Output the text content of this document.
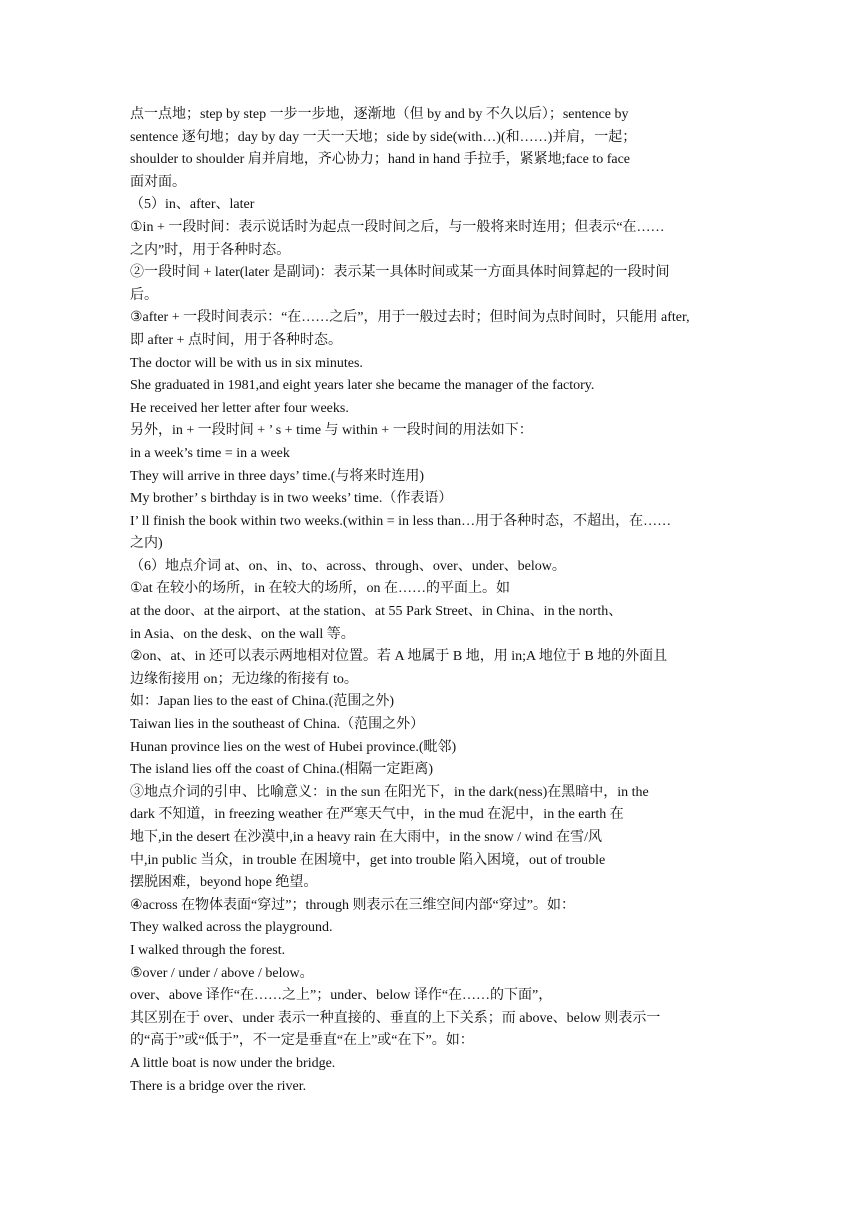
点一点地；step by step 一步一步地，逐渐地（但 by and by 不久以后）；sentence by
sentence 逐句地；day by day 一天一天地；side by side(with…)(和……)并肩，一起；
shoulder to shoulder 肩并肩地，齐心协力；hand in hand 手拉手，紧紧地;face to face
面对面。
（5）in、after、later
①in + 一段时间：表示说话时为起点一段时间之后，与一般将来时连用；但表示“在……
之内”时，用于各种时态。
②一段时间 + later(later 是副词)：表示某一具体时间或某一方面具体时间算起的一段时间
后。
③after + 一段时间表示：“在……之后”，用于一般过去时；但时间为点时间时，只能用 after,
即 after + 点时间，用于各种时态。
The doctor will be with us in six minutes.
She graduated in 1981,and eight years later she became the manager of the factory.
He received her letter after four weeks.
另外，in + 一段时间 + ’ s + time 与 within + 一段时间的用法如下：
in a week’s time = in a week
They will arrive in three days’ time.(与将来时连用)
My brother’ s birthday is in two weeks’ time.（作表语）
I’ ll finish the book within two weeks.(within = in less than…用于各种时态，不超出，在……
之内)
（6）地点介词 at、on、in、to、across、through、over、under、below。
①at 在较小的场所，in 在较大的场所，on 在……的平面上。如
at the door、at the airport、at the station、at 55 Park Street、in China、in the north、
in Asia、on the desk、on the wall 等。
②on、at、in 还可以表示两地相对位置。若 A 地属于 B 地，用 in;A 地位于 B 地的外面且
边缘衔接用 on；无边缘的衔接有 to。
如：Japan lies to the east of China.(范围之外)
Taiwan lies in the southeast of China.（范围之外）
Hunan province lies on the west of Hubei province.(毗邻)
The island lies off the coast of China.(相隔一定距离)
③地点介词的引申、比喻意义：in the sun 在阳光下，in the dark(ness)在黑暗中，in the
dark 不知道，in freezing weather 在严寒天气中，in the mud 在泥中，in the earth 在
地下,in the desert 在沙漠中,in a heavy rain 在大雨中，in the snow / wind 在雪/风
中,in public 当众，in trouble 在困境中，get into trouble 陷入困境，out of trouble
摆脱困难，beyond hope 绝望。
④across 在物体表面“穿过”；through 则表示在三维空间内部“穿过”。如：
They walked across the playground.
I walked through the forest.
⑤over / under / above / below。
over、above 译作“在……之上”；under、below 译作“在……的下面”，
其区别在于 over、under 表示一种直接的、垂直的上下关系；而 above、below 则表示一
的“高于”或“低于”，不一定是垂直“在上”或“在下”。如：
A little boat is now under the bridge.
There is a bridge over the river.
